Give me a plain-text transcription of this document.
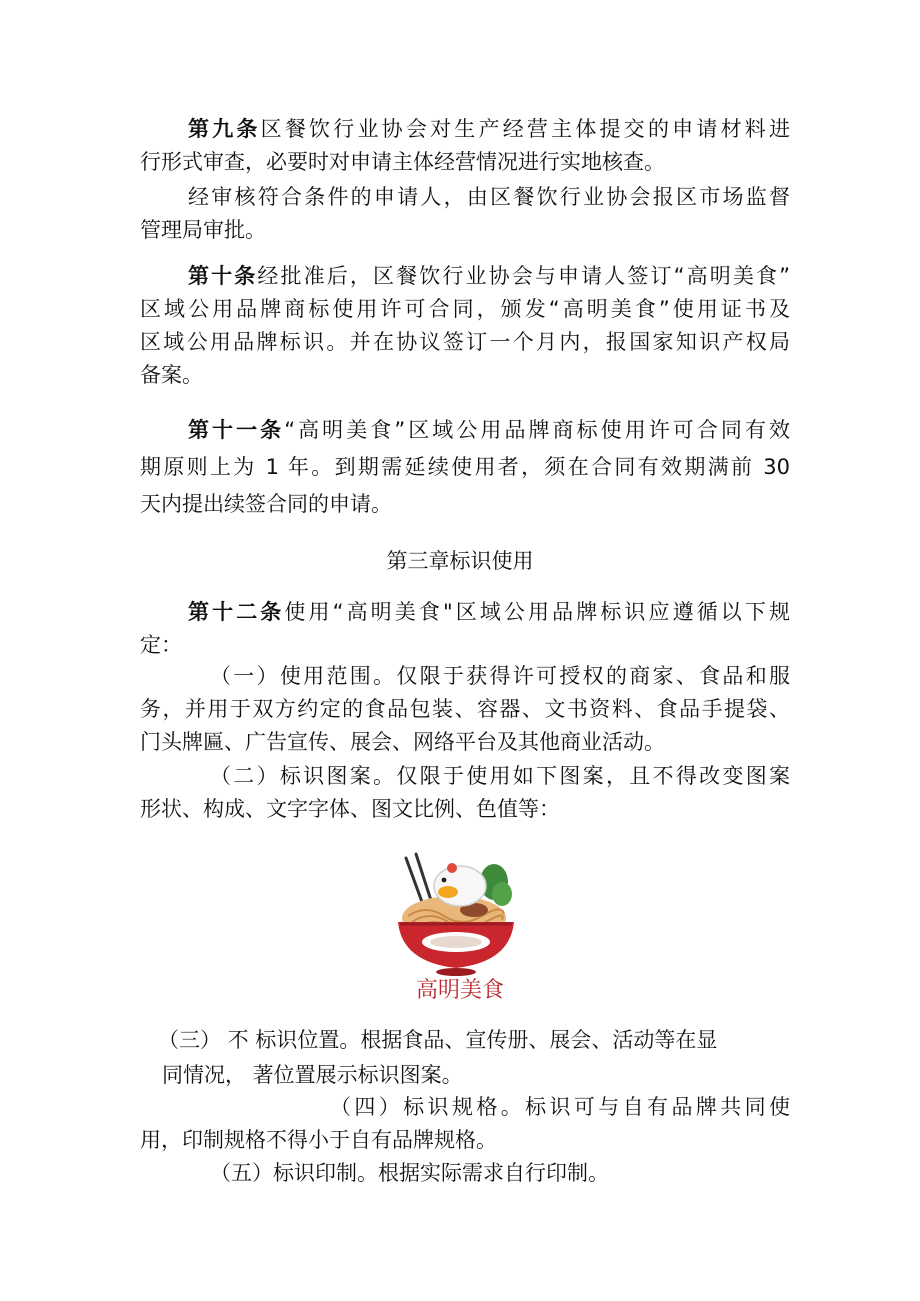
第九条区餐饮行业协会对生产经营主体提交的申请材料进
行形式审查，必要时对申请主体经营情况进行实地核查。
经审核符合条件的申请人，由区餐饮行业协会报区市场监督
管理局审批。
第十条经批准后，区餐饮行业协会与申请人签订“高明美食”
区域公用品牌商标使用许可合同，颁发“高明美食”使用证书及
区域公用品牌标识。并在协议签订一个月内，报国家知识产权局
备案。
第十一条“高明美食”区域公用品牌商标使用许可合同有效
期原则上为 1 年。到期需延续使用者，须在合同有效期满前 30
天内提出续签合同的申请。
第三章标识使用
第十二条使用“高明美食"区域公用品牌标识应遵循以下规
定：
（一）使用范围。仅限于获得许可授权的商家、食品和服
务，并用于双方约定的食品包装、容器、文书资料、食品手提袋、
门头牌匾、广告宣传、展会、网络平台及其他商业活动。
（二）标识图案。仅限于使用如下图案，且不得改变图案
形状、构成、文字字体、图文比例、色值等：
高明美食
（三） 不 标识位置。根据食品、宣传册、展会、活动等在显
同情况， 著位置展示标识图案。
（四）标识规格。标识可与自有品牌共同使
用，印制规格不得小于自有品牌规格。
（五）标识印制。根据实际需求自行印制。
